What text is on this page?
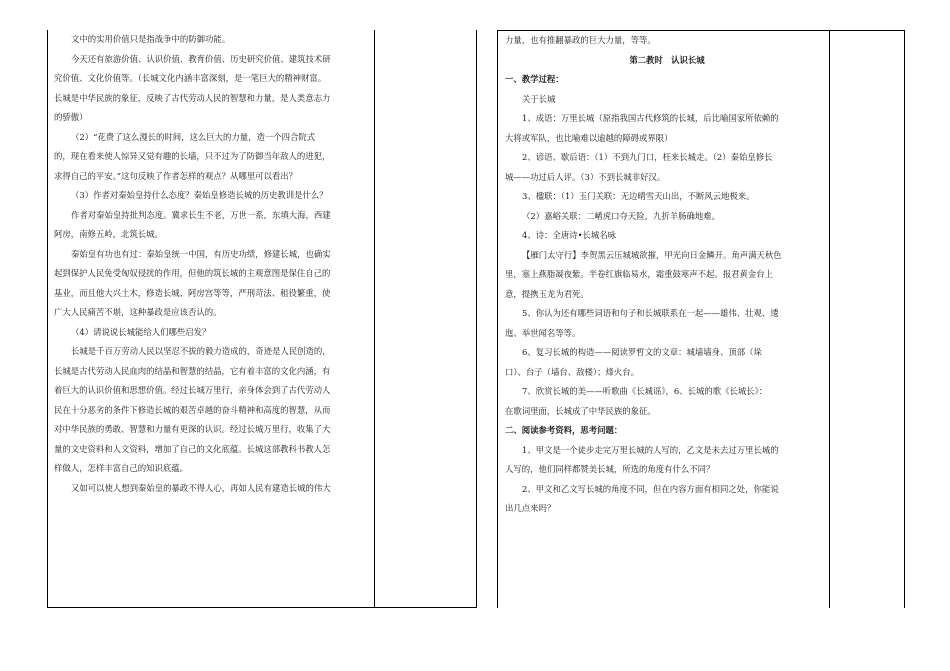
文中的实用价值只是指战争中的防御功能。

今天还有旅游价值、认识价值、教育价值、历史研究价值、建筑技术研

究价值、文化价值等。（长城文化内涵丰富深刻，是一笔巨大的精神财富。

长城是中华民族的象征，反映了古代劳动人民的智慧和力量，是人类意志力

的骄傲）

（2）“花费了这么漫长的时间，这么巨大的力量，造一个四合院式

的，现在看来使人惊异又觉有趣的长墙，只不过为了防御当年敌人的进犯，

求得自己的平安。”这句反映了作者怎样的观点？从哪里可以看出？

（3）作者对秦始皇持什么态度？秦始皇修造长城的历史教训是什么？

作者对秦始皇持批判态度。冀求长生不老，万世一系，东填大海，西建

阿房，南修五岭，北筑长城。

秦始皇有功也有过：秦始皇统一中国，有历史功绩，修建长城，也确实

起到保护人民免受匈奴侵扰的作用，但他的筑长城的主观意图是保住自己的

基业，而且他大兴土木，修造长城、阿房宫等等，严刑苛法、租役繁重，使

广大人民痛苦不堪，这种暴政是应该否认的。

（4）请说说长城能给人们哪些启发？

长城是千百万劳动人民以坚忍不拔的毅力造成的，奇迹是人民创造的，

长城是古代劳动人民血肉的结晶和智慧的结晶，它有着丰富的文化内涵，有

着巨大的认识价值和思想价值。经过长城万里行，亲身体会到了古代劳动人

民在十分恶劣的条件下修造长城的艰苦卓越的奋斗精神和高度的智慧，从而

对中华民族的勇敢、智慧和力量有更深的认识。经过长城万里行，收集了大

量的文史资料和人文资料，增加了自己的文化底蕴。长城这部教科书教人怎

样做人，怎样丰富自己的知识底蕴。

又如可以使人想到秦始皇的暴政不得人心，再如人民有建造长城的伟大

力量，也有推翻暴政的巨大力量，等等。

第二教时　认识长城

一、教学过程：

关于长城

1、成语：万里长城（原指我国古代修筑的长城，后比喻国家所依赖的

大将或军队，也比喻难以逾越的障碍或界限）

2、谚语、歇后语：（1）不到九门口，枉来长城走。（2）秦始皇修长

城——功过后人评。（3）不到长城非好汉。

3、楹联：（1）玉门关联：无边晴雪天山出，不断风云地极来。

（2）嘉峪关联：二崤虎口夺天险，九折羊肠确地难。

4、诗：全唐诗•长城名咏

【雁门太守行】李贺黑云压城城欲摧，甲光向日金鳞开。角声满天秋色

里，塞上燕脂凝夜紫。半卷红旗临易水，霜重鼓寒声不起。报君黄金台上

意，提携玉龙为君死。

5、你认为还有哪些词语和句子和长城联系在一起——雄伟、壮观、逶

迤、举世闻名等等。

6、复习长城的构造——阅读罗哲文的文章：城墙墙身、顶部（垛

口）、台子（墙台、敌楼）；烽火台。

7、欣赏长城的美——听歌曲《长城谣》，6、长城的歌《长城长》：

在歌词里面，长城成了中华民族的象征。

二、阅读参考资料，思考问题：

1、甲文是一个徒步走完万里长城的人写的，乙文是未去过万里长城的

人写的，他们同样都赞美长城，所选的角度有什么不同？

2、甲文和乙文写长城的角度不同，但在内容方面有相同之处，你能说

出几点来吗？
